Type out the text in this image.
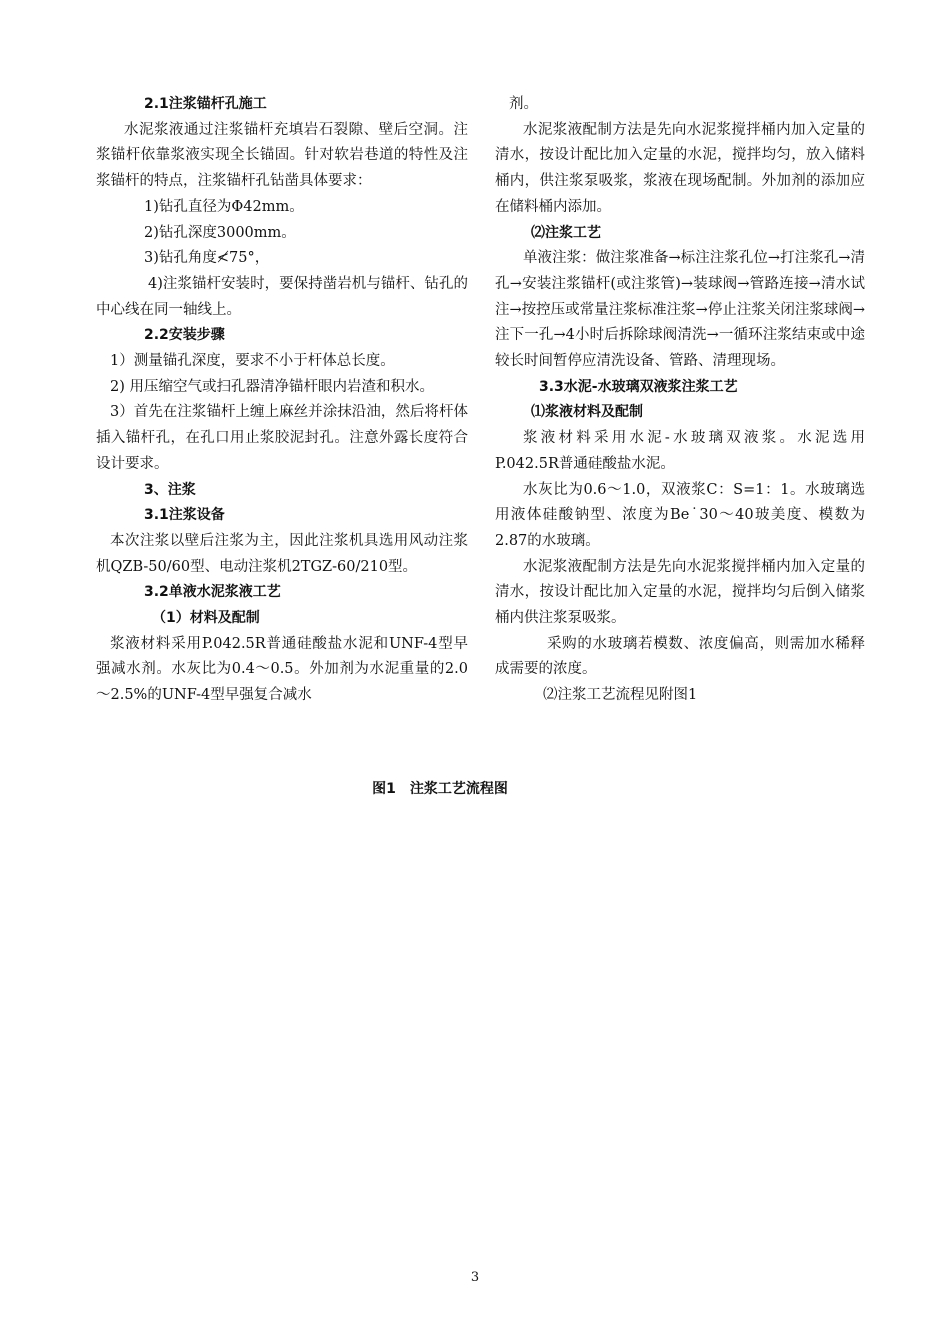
2.1注浆锚杆孔施工

水泥浆液通过注浆锚杆充填岩石裂隙、壁后空洞。注浆锚杆依靠浆液实现全长锚固。针对软岩巷道的特性及注浆锚杆的特点，注浆锚杆孔钻凿具体要求：

1)钻孔直径为Φ42mm。

2)钻孔深度3000mm。

3)钻孔角度≮75°，

4)注浆锚杆安装时，要保持凿岩机与锚杆、钻孔的中心线在同一轴线上。

2.2安装步骤

1）测量锚孔深度，要求不小于杆体总长度。

2) 用压缩空气或扫孔器清净锚杆眼内岩渣和积水。

3）首先在注浆锚杆上缠上麻丝并涂抹沿油，然后将杆体插入锚杆孔，在孔口用止浆胶泥封孔。注意外露长度符合设计要求。

3、注浆

3.1注浆设备

本次注浆以壁后注浆为主，因此注浆机具选用风动注浆机QZB-50/60型、电动注浆机2TGZ-60/210型。

3.2单液水泥浆液工艺

（1）材料及配制

浆液材料采用P.042.5R普通硅酸盐水泥和UNF-4型早强减水剂。水灰比为0.4～0.5。外加剂为水泥重量的2.0～2.5%的UNF-4型早强复合减水

剂。

水泥浆液配制方法是先向水泥浆搅拌桶内加入定量的清水，按设计配比加入定量的水泥，搅拌均匀，放入储料桶内，供注浆泵吸浆，浆液在现场配制。外加剂的添加应在储料桶内添加。

⑵注浆工艺

单液注浆：做注浆准备→标注注浆孔位→打注浆孔→清孔→安装注浆锚杆(或注浆管)→装球阀→管路连接→清水试注→按控压或常量注浆标准注浆→停止注浆关闭注浆球阀→注下一孔→4小时后拆除球阀清洗→一循环注浆结束或中途较长时间暂停应清洗设备、管路、清理现场。

3.3水泥-水玻璃双液浆注浆工艺

⑴浆液材料及配制

浆液材料采用水泥-水玻璃双液浆。水泥选用P.042.5R普通硅酸盐水泥。

水灰比为0.6～1.0，双液浆C：S=1：1。水玻璃选用液体硅酸钠型、浓度为Be˙30～40玻美度、模数为2.87的水玻璃。

水泥浆液配制方法是先向水泥浆搅拌桶内加入定量的清水，按设计配比加入定量的水泥，搅拌均匀后倒入储浆桶内供注浆泵吸浆。

采购的水玻璃若模数、浓度偏高，则需加水稀释成需要的浓度。

⑵注浆工艺流程见附图1

图1　注浆工艺流程图
3
